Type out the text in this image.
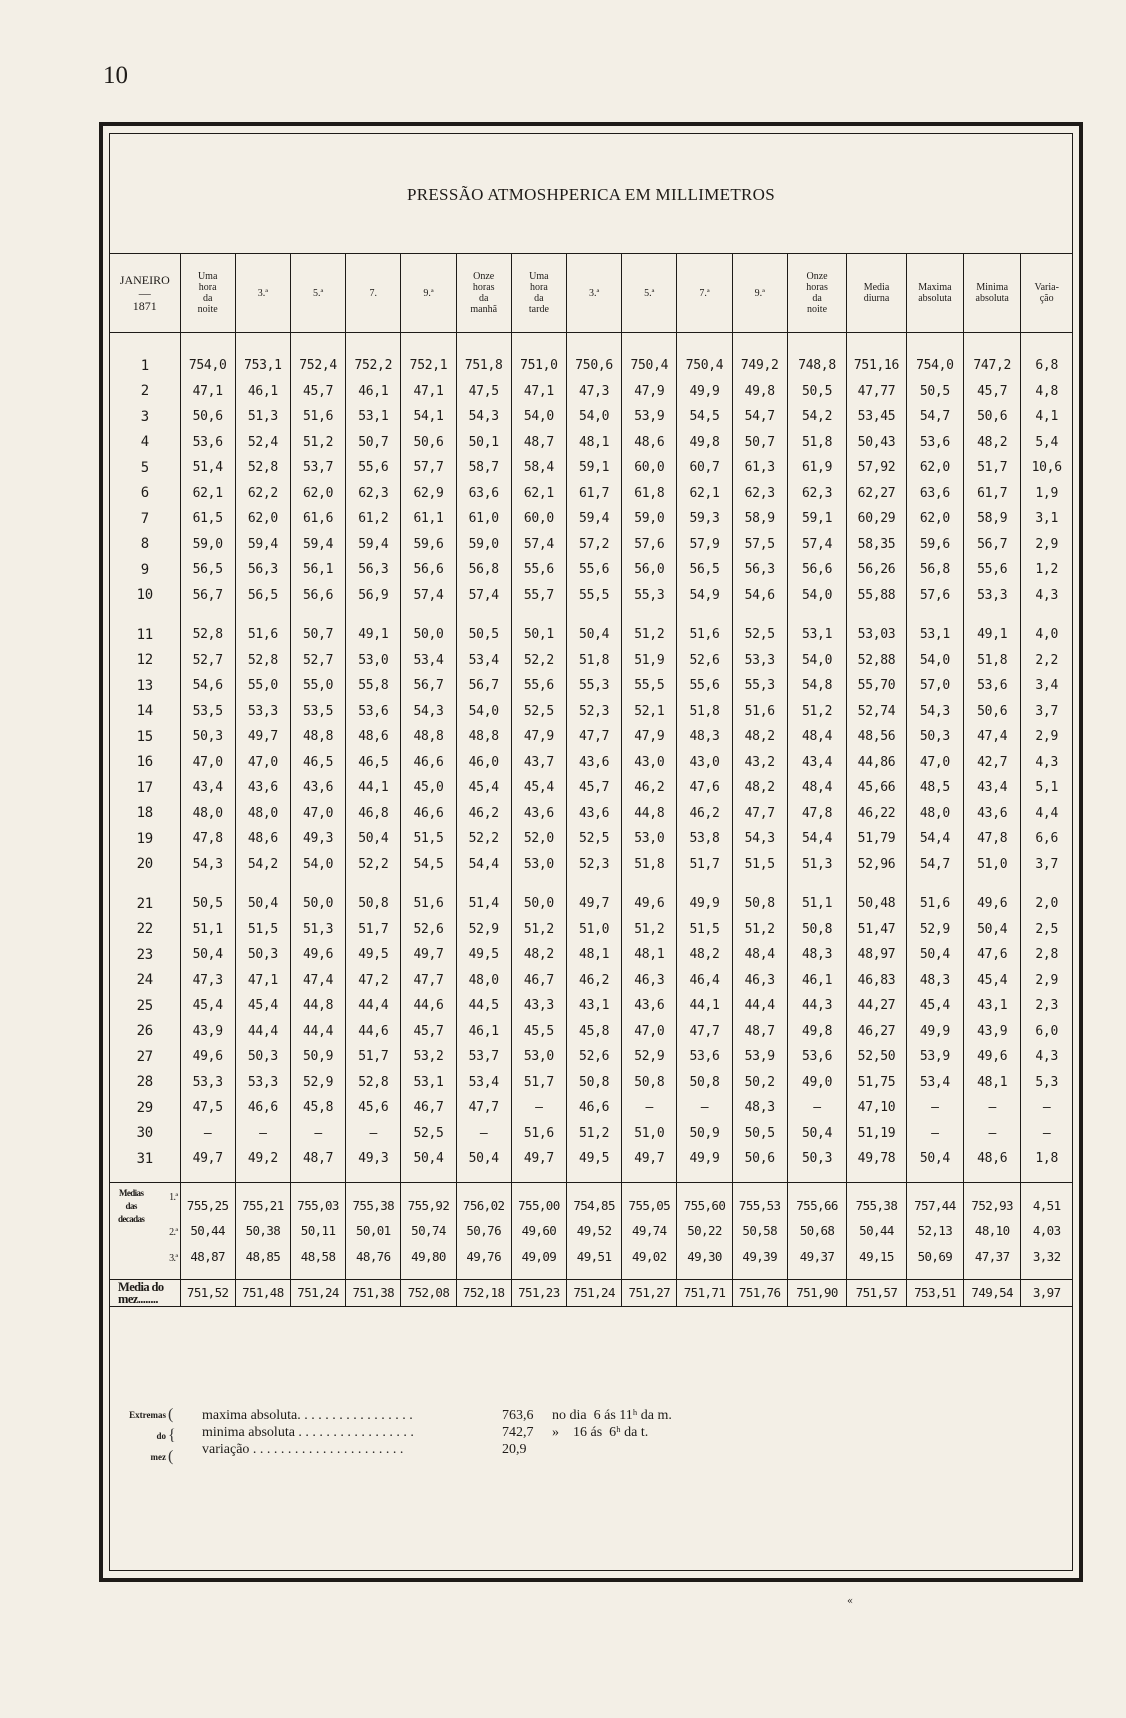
10
PRESSÃO ATMOSHPERICA EM MILLIMETROS
JANEIRO
—
1871	Uma
hora
da
noite	3.ª	5.ª	7.	9.ª	Onze
horas
da
manhã	Uma
hora
da
tarde	3.ª	5.ª	7.ª	9.ª	Onze
horas
da
noite	Media
diurna	Maxima
absoluta	Minima
absoluta	Varia-
ção
1	754,0	753,1	752,4	752,2	752,1	751,8	751,0	750,6	750,4	750,4	749,2	748,8	751,16	754,0	747,2	6,8
2	47,1	46,1	45,7	46,1	47,1	47,5	47,1	47,3	47,9	49,9	49,8	50,5	47,77	50,5	45,7	4,8
3	50,6	51,3	51,6	53,1	54,1	54,3	54,0	54,0	53,9	54,5	54,7	54,2	53,45	54,7	50,6	4,1
4	53,6	52,4	51,2	50,7	50,6	50,1	48,7	48,1	48,6	49,8	50,7	51,8	50,43	53,6	48,2	5,4
5	51,4	52,8	53,7	55,6	57,7	58,7	58,4	59,1	60,0	60,7	61,3	61,9	57,92	62,0	51,7	10,6
6	62,1	62,2	62,0	62,3	62,9	63,6	62,1	61,7	61,8	62,1	62,3	62,3	62,27	63,6	61,7	1,9
7	61,5	62,0	61,6	61,2	61,1	61,0	60,0	59,4	59,0	59,3	58,9	59,1	60,29	62,0	58,9	3,1
8	59,0	59,4	59,4	59,4	59,6	59,0	57,4	57,2	57,6	57,9	57,5	57,4	58,35	59,6	56,7	2,9
9	56,5	56,3	56,1	56,3	56,6	56,8	55,6	55,6	56,0	56,5	56,3	56,6	56,26	56,8	55,6	1,2
10	56,7	56,5	56,6	56,9	57,4	57,4	55,7	55,5	55,3	54,9	54,6	54,0	55,88	57,6	53,3	4,3
11	52,8	51,6	50,7	49,1	50,0	50,5	50,1	50,4	51,2	51,6	52,5	53,1	53,03	53,1	49,1	4,0
12	52,7	52,8	52,7	53,0	53,4	53,4	52,2	51,8	51,9	52,6	53,3	54,0	52,88	54,0	51,8	2,2
13	54,6	55,0	55,0	55,8	56,7	56,7	55,6	55,3	55,5	55,6	55,3	54,8	55,70	57,0	53,6	3,4
14	53,5	53,3	53,5	53,6	54,3	54,0	52,5	52,3	52,1	51,8	51,6	51,2	52,74	54,3	50,6	3,7
15	50,3	49,7	48,8	48,6	48,8	48,8	47,9	47,7	47,9	48,3	48,2	48,4	48,56	50,3	47,4	2,9
16	47,0	47,0	46,5	46,5	46,6	46,0	43,7	43,6	43,0	43,0	43,2	43,4	44,86	47,0	42,7	4,3
17	43,4	43,6	43,6	44,1	45,0	45,4	45,4	45,7	46,2	47,6	48,2	48,4	45,66	48,5	43,4	5,1
18	48,0	48,0	47,0	46,8	46,6	46,2	43,6	43,6	44,8	46,2	47,7	47,8	46,22	48,0	43,6	4,4
19	47,8	48,6	49,3	50,4	51,5	52,2	52,0	52,5	53,0	53,8	54,3	54,4	51,79	54,4	47,8	6,6
20	54,3	54,2	54,0	52,2	54,5	54,4	53,0	52,3	51,8	51,7	51,5	51,3	52,96	54,7	51,0	3,7
21	50,5	50,4	50,0	50,8	51,6	51,4	50,0	49,7	49,6	49,9	50,8	51,1	50,48	51,6	49,6	2,0
22	51,1	51,5	51,3	51,7	52,6	52,9	51,2	51,0	51,2	51,5	51,2	50,8	51,47	52,9	50,4	2,5
23	50,4	50,3	49,6	49,5	49,7	49,5	48,2	48,1	48,1	48,2	48,4	48,3	48,97	50,4	47,6	2,8
24	47,3	47,1	47,4	47,2	47,7	48,0	46,7	46,2	46,3	46,4	46,3	46,1	46,83	48,3	45,4	2,9
25	45,4	45,4	44,8	44,4	44,6	44,5	43,3	43,1	43,6	44,1	44,4	44,3	44,27	45,4	43,1	2,3
26	43,9	44,4	44,4	44,6	45,7	46,1	45,5	45,8	47,0	47,7	48,7	49,8	46,27	49,9	43,9	6,0
27	49,6	50,3	50,9	51,7	53,2	53,7	53,0	52,6	52,9	53,6	53,9	53,6	52,50	53,9	49,6	4,3
28	53,3	53,3	52,9	52,8	53,1	53,4	51,7	50,8	50,8	50,8	50,2	49,0	51,75	53,4	48,1	5,3
29	47,5	46,6	45,8	45,6	46,7	47,7	—	46,6	—	—	48,3	—	47,10	—	—	—
30	—	—	—	—	52,5	—	51,6	51,2	51,0	50,9	50,5	50,4	51,19	—	—	—
31	49,7	49,2	48,7	49,3	50,4	50,4	49,7	49,5	49,7	49,9	50,6	50,3	49,78	50,4	48,6	1,8

Medias
das
decadas
1.ª	755,25	755,21	755,03	755,38	755,92	756,02	755,00	754,85	755,05	755,60	755,53	755,66	755,38	757,44	752,93	4,51

2.ª	50,44	50,38	50,11	50,01	50,74	50,76	49,60	49,52	49,74	50,22	50,58	50,68	50,44	52,13	48,10	4,03

3.ª	48,87	48,85	48,58	48,76	49,80	49,76	49,09	49,51	49,02	49,30	49,39	49,37	49,15	50,69	47,37	3,32
Media do
mez........	751,52	751,48	751,24	751,38	752,08	752,18	751,23	751,24	751,27	751,71	751,76	751,90	751,57	753,51	749,54	3,97
Extremas
do
mez
(
{
(
maxima absoluta. . . . . . . . . . . . . . . . .	763,6 no dia  6 ás 11ʰ da m.
minima absoluta . . . . . . . . . . . . . . . . .	742,7 »    16 ás  6ʰ da t.
variação . . . . . . . . . . . . . . . . . . . . . .	20,9
«
